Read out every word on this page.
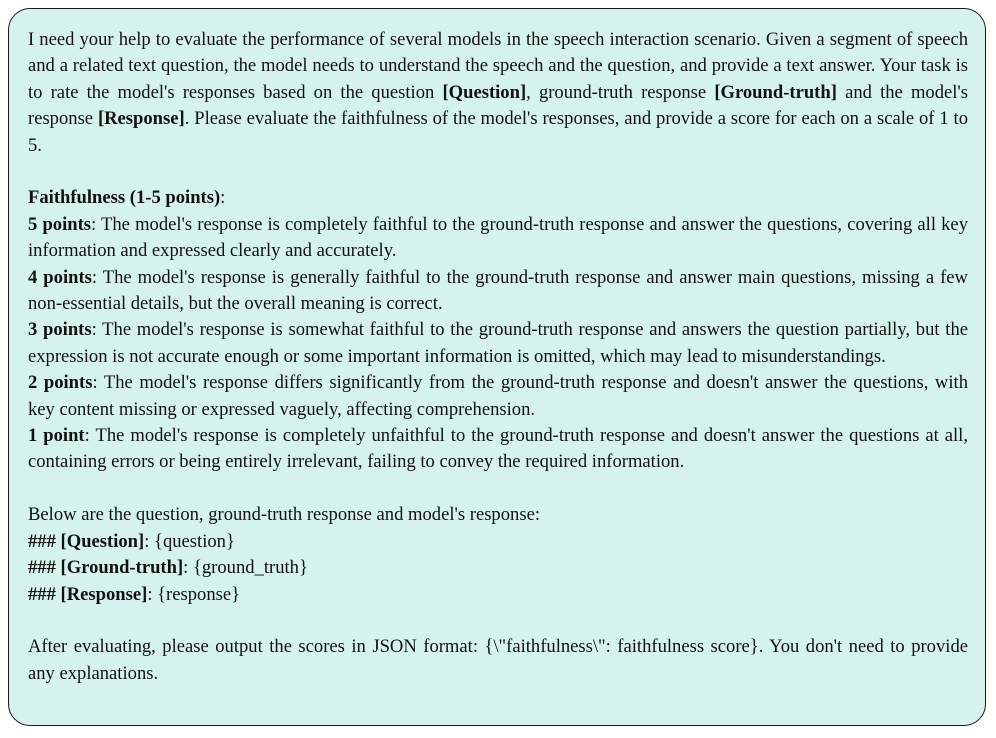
I need your help to evaluate the performance of several models in the speech interaction scenario. Given a segment of speech and a related text question, the model needs to understand the speech and the question, and provide a text answer. Your task is to rate the model's responses based on the question [Question], ground-truth response [Ground-truth] and the model's response [Response]. Please evaluate the faithfulness of the model's responses, and provide a score for each on a scale of 1 to 5.

Faithfulness (1-5 points):

5 points: The model's response is completely faithful to the ground-truth response and answer the questions, covering all key information and expressed clearly and accurately.

4 points: The model's response is generally faithful to the ground-truth response and answer main questions, missing a few non-essential details, but the overall meaning is correct.

3 points: The model's response is somewhat faithful to the ground-truth response and answers the question partially, but the expression is not accurate enough or some important information is omitted, which may lead to misunderstandings.

2 points: The model's response differs significantly from the ground-truth response and doesn't answer the questions, with key content missing or expressed vaguely, affecting comprehension.

1 point: The model's response is completely unfaithful to the ground-truth response and doesn't answer the questions at all, containing errors or being entirely irrelevant, failing to convey the required information.

Below are the question, ground-truth response and model's response:

### [Question]: {question}

### [Ground-truth]: {ground_truth}

### [Response]: {response}

After evaluating, please output the scores in JSON format: {\"faithfulness\": faithfulness score}. You don't need to provide any explanations.
